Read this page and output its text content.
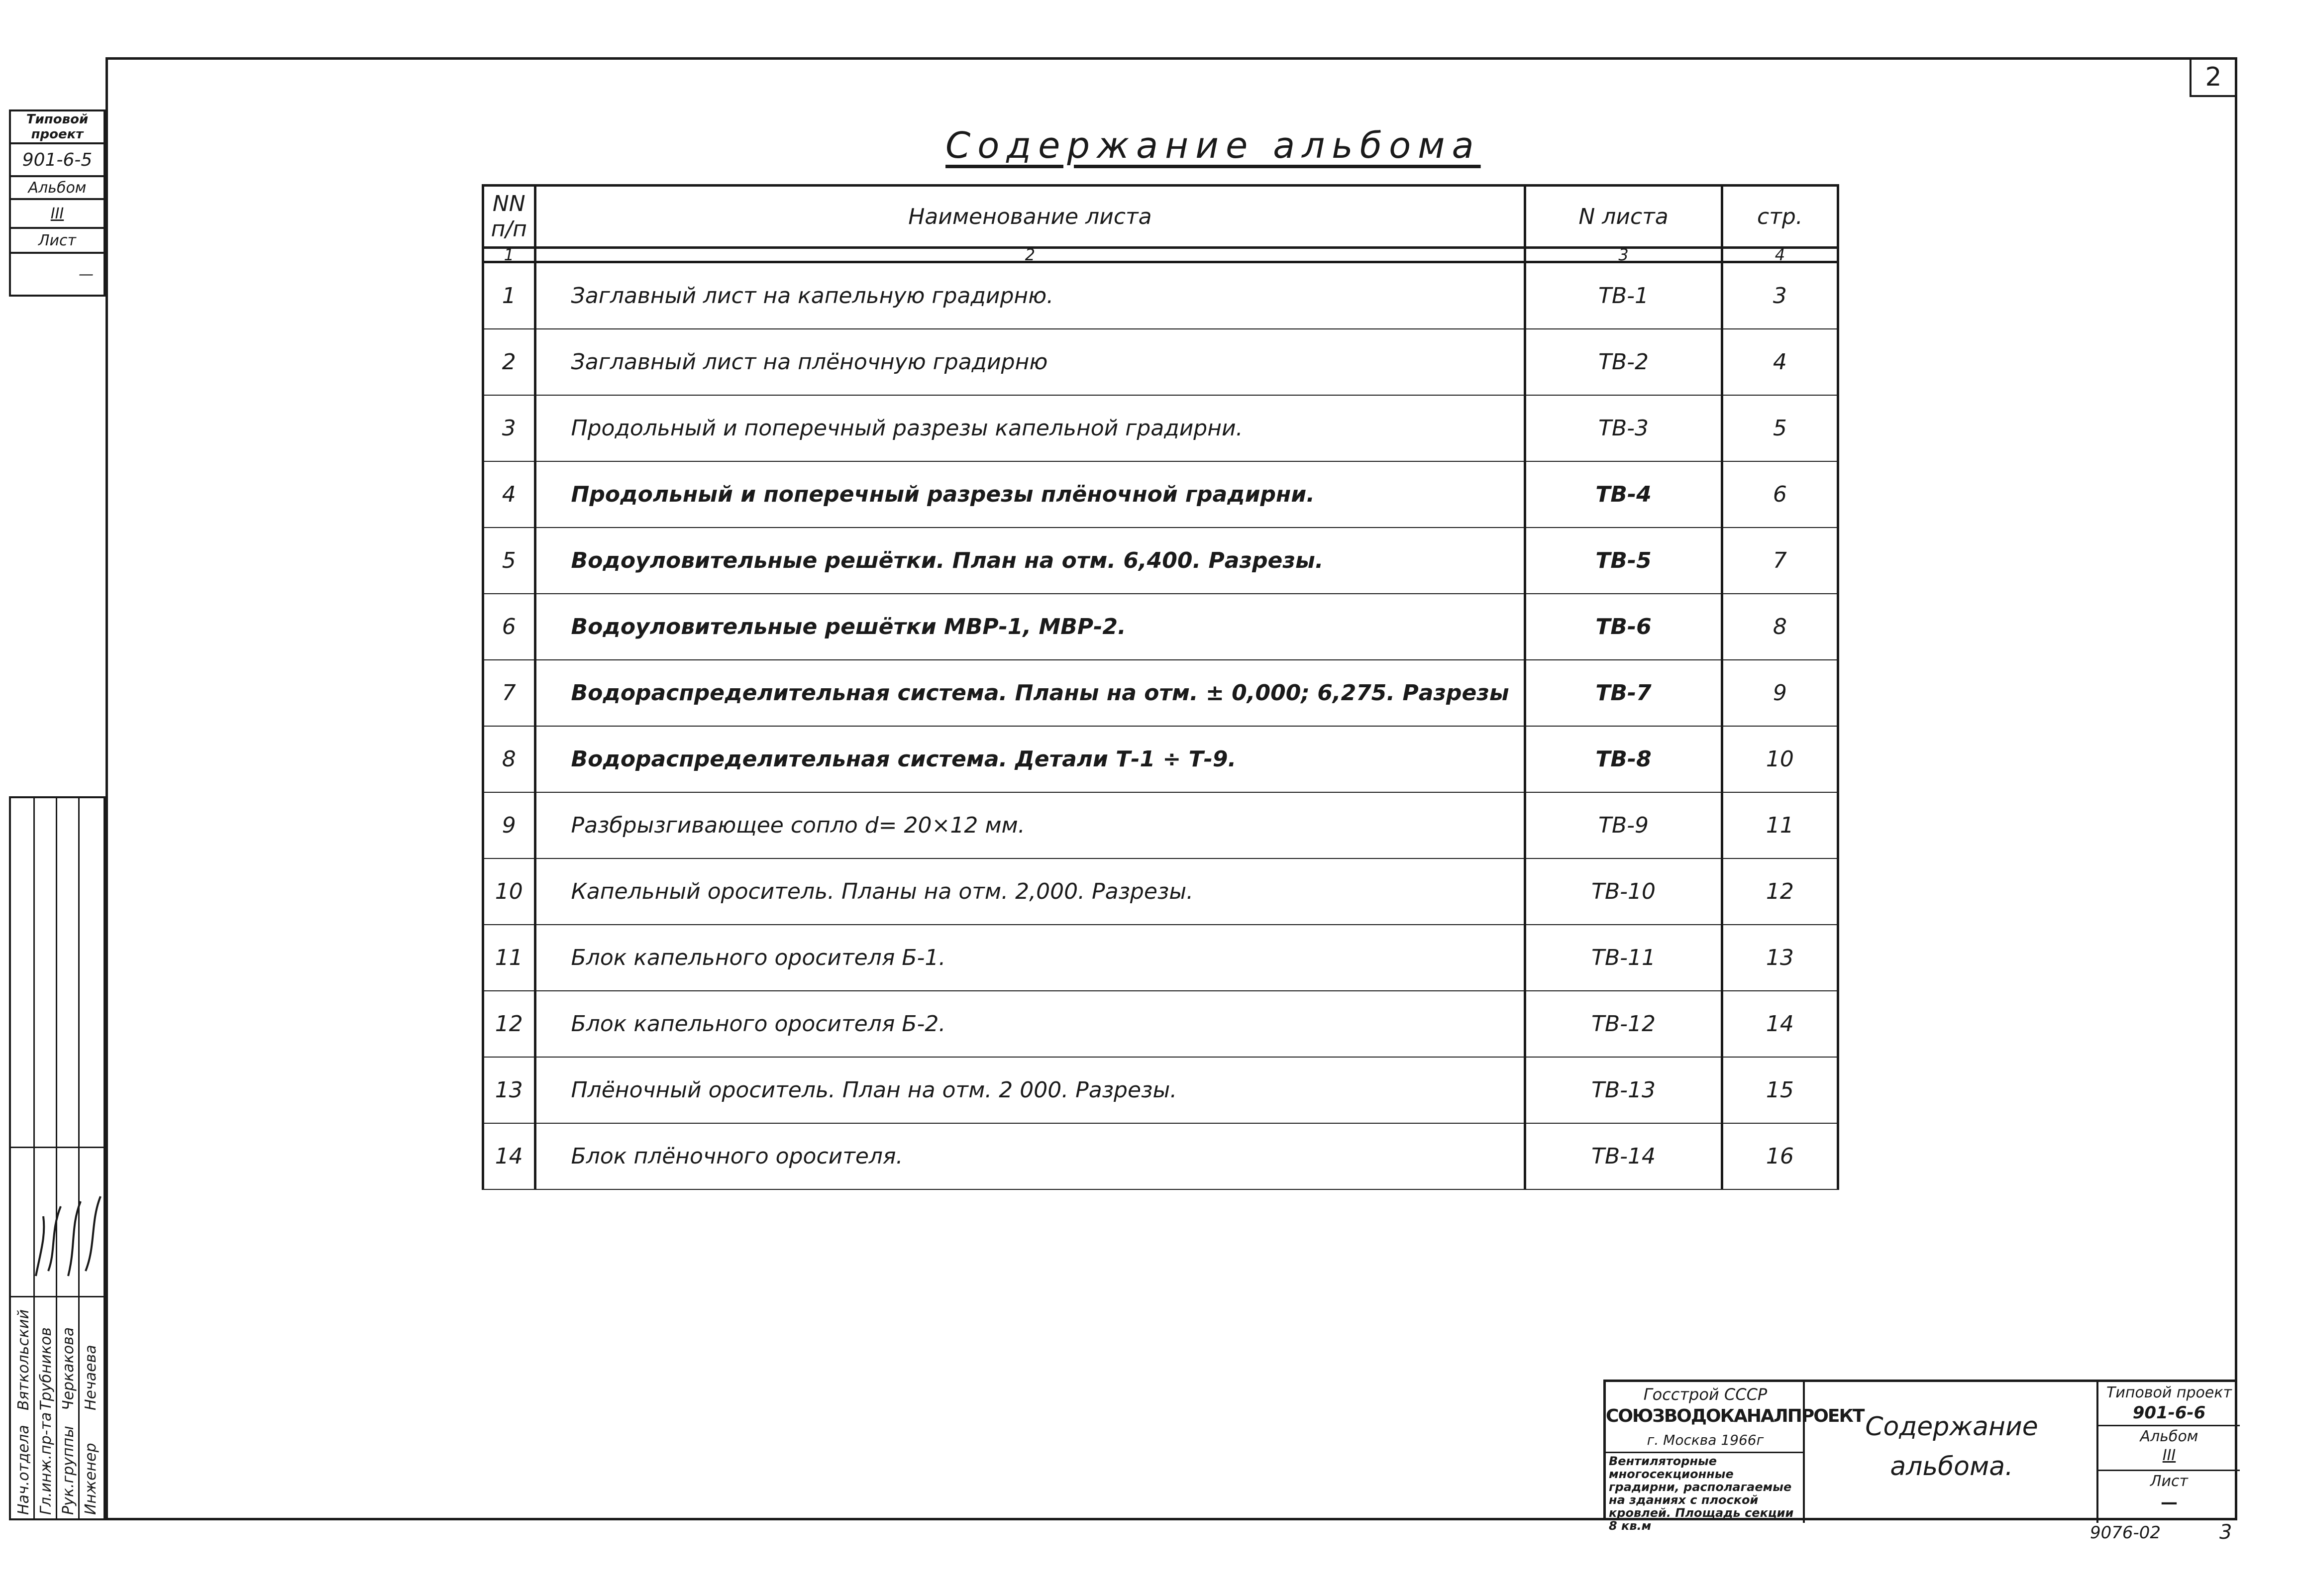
2
Содержание альбома
Типовой проект
901-6-5
Альбом
III
Лист
—
Нач.отдела Гл.инж.пр-та Рук.группы Инженер
Вяткольский Трубников Черкакова Нечаева
NN п/п	Наименование листа	N листа	стр.
1	2	3	4
1	Заглавный лист на капельную градирню.	ТВ-1	3
2	Заглавный лист на плёночную градирню	ТВ-2	4
3	Продольный и поперечный разрезы капельной градирни.	ТВ-3	5
4	Продольный и поперечный разрезы плёночной градирни.	ТВ-4	6
5	Водоуловительные решётки. План на отм. 6,400. Разрезы.	ТВ-5	7
6	Водоуловительные решётки МВР-1, МВР-2.	ТВ-6	8
7	Водораспределительная система. Планы на отм. ± 0,000; 6,275. Разрезы	ТВ-7	9
8	Водораспределительная система. Детали Т-1 ÷ Т-9.	ТВ-8	10
9	Разбрызгивающее сопло d= 20×12 мм.	ТВ-9	11
10	Капельный ороситель. Планы на отм. 2,000. Разрезы.	ТВ-10	12
11	Блок капельного оросителя Б-1.	ТВ-11	13
12	Блок капельного оросителя Б-2.	ТВ-12	14
13	Плёночный ороситель. План на отм. 2 000. Разрезы.	ТВ-13	15
14	Блок плёночного оросителя.	ТВ-14	16
Госстрой СССР
СОЮЗВОДОКАНАЛПРОЕКТ
г. Москва 1966г
Вентиляторные многосекционные градирни, располагаемые на зданиях с плоской кровлей. Площадь секции 8 кв.м
Содержание
альбома.
Типовой проект
901-6-6
Альбом
III
Лист
—
9076-02	3
